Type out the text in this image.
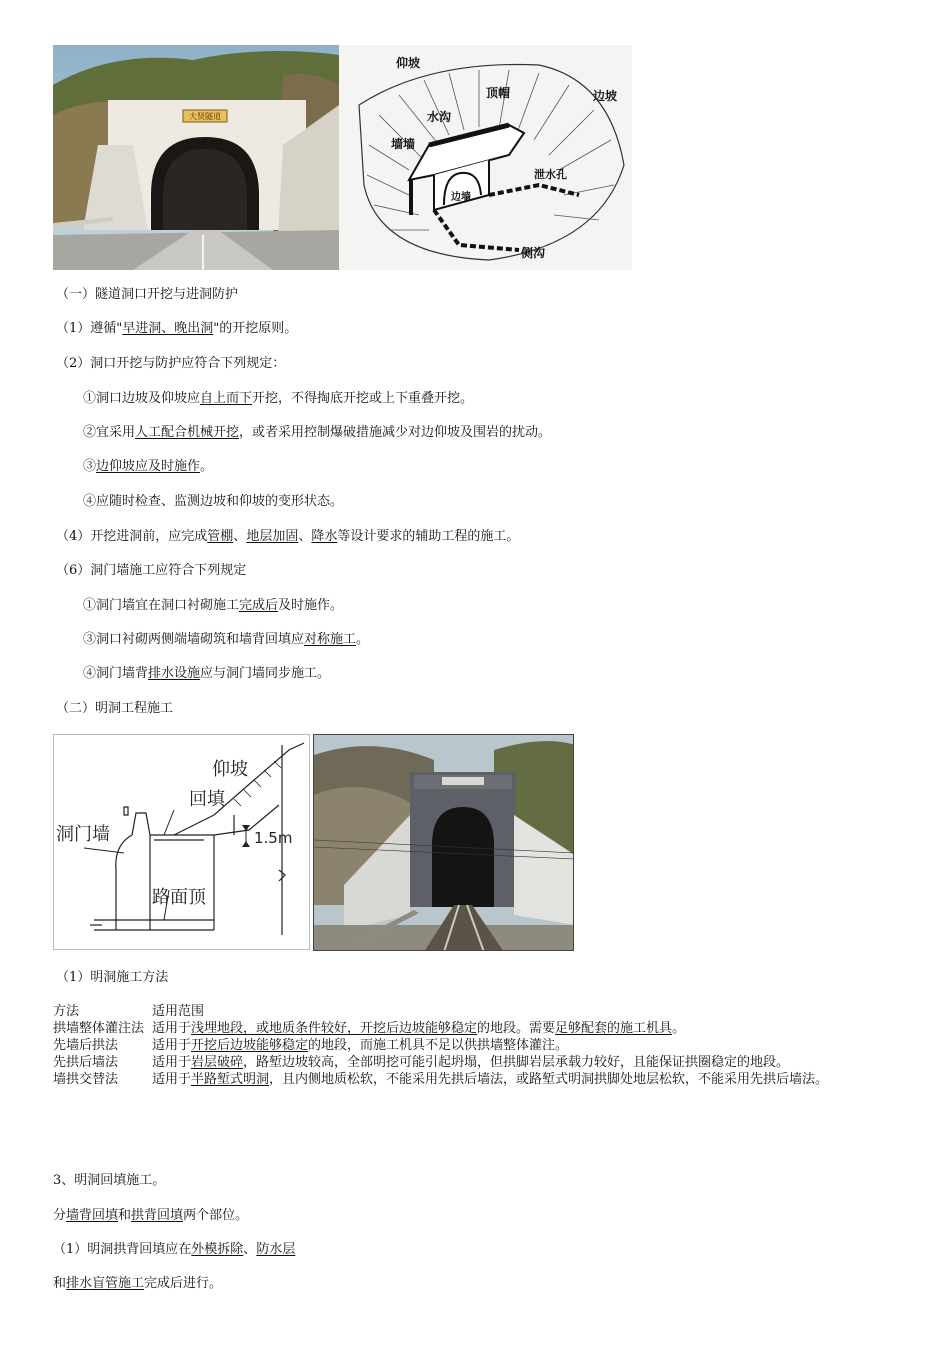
大贤隧道
仰坡
边坡
顶帽
水沟
墙墙
边墙
泄水孔
侧沟
（一）隧道洞口开挖与进洞防护
（1）遵循"早进洞、晚出洞"的开挖原则。
（2）洞口开挖与防护应符合下列规定：
①洞口边坡及仰坡应自上而下开挖，不得掏底开挖或上下重叠开挖。
②宜采用人工配合机械开挖，或者采用控制爆破措施减少对边仰坡及围岩的扰动。
③边仰坡应及时施作。
④应随时检查、监测边坡和仰坡的变形状态。
（4）开挖进洞前，应完成管棚、地层加固、降水等设计要求的辅助工程的施工。
（6）洞门墙施工应符合下列规定
①洞门墙宜在洞口衬砌施工完成后及时施作。
③洞口衬砌两侧端墙砌筑和墙背回填应对称施工。
④洞门墙背排水设施应与洞门墙同步施工。
（二）明洞工程施工
仰坡
回填
洞门墙	1.5m
路面顶
（1）明洞施工方法
方法	适用范围
拱墙整体灌注法	适用于浅埋地段，或地质条件较好，开挖后边坡能够稳定的地段。需要足够配套的施工机具。
先墙后拱法	适用于开挖后边坡能够稳定的地段，而施工机具不足以供拱墙整体灌注。
先拱后墙法	适用于岩层破碎，路堑边坡较高，全部明挖可能引起坍塌，但拱脚岩层承载力较好，且能保证拱圈稳定的地段。
墙拱交替法	适用于半路堑式明洞，且内侧地质松软，不能采用先拱后墙法，或路堑式明洞拱脚处地层松软，不能采用先拱后墙法。
3、明洞回填施工。
分墙背回填和拱背回填两个部位。
（1）明洞拱背回填应在外模拆除、防水层
和排水盲管施工完成后进行。
